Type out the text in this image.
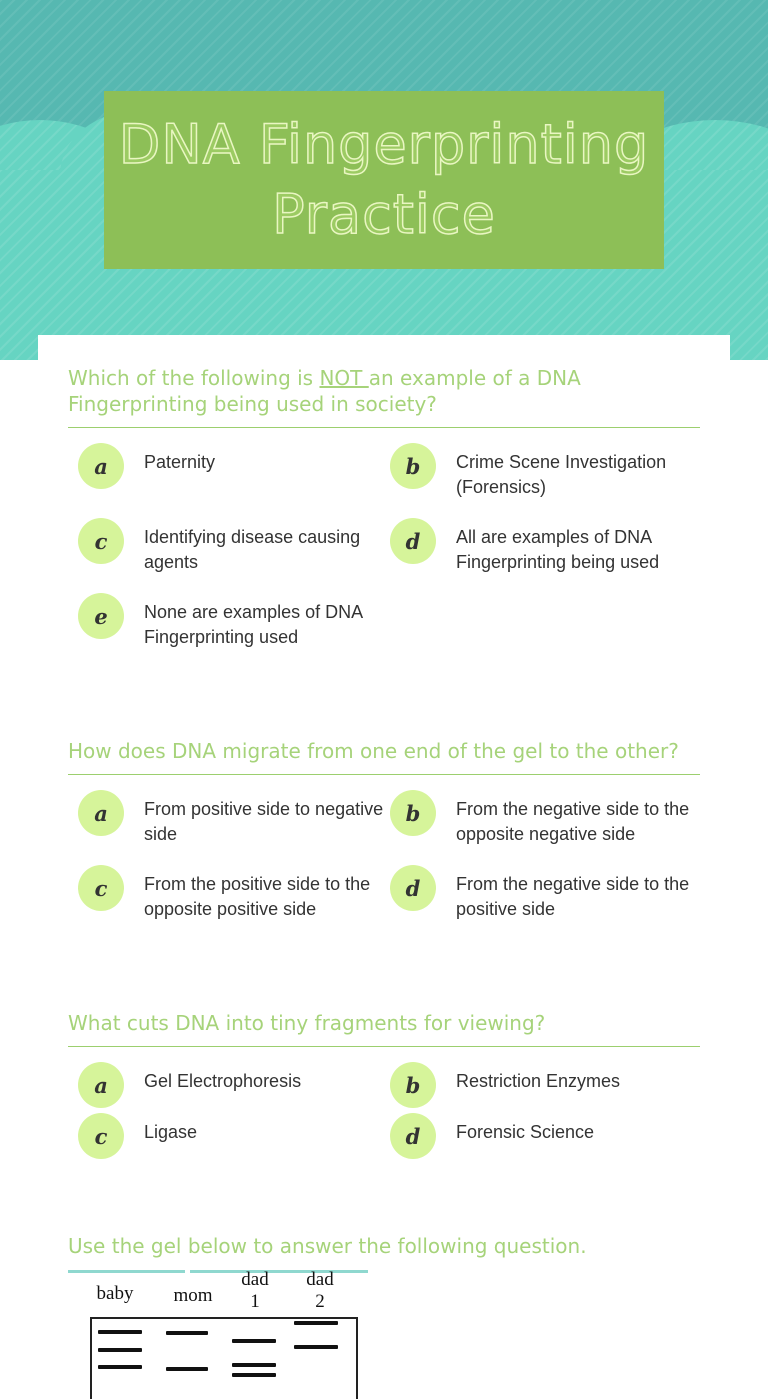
DNA Fingerprinting Practice
Which of the following is NOT an example of a DNA Fingerprinting being used in society?
a	Paternity	b	Crime Scene Investigation (Forensics)
c	Identifying disease causing agents
d	All are examples of DNA Fingerprinting being used
e	None are examples of DNA Fingerprinting used
How does DNA migrate from one end of the gel to the other?
a	From positive side to negative side
b	From the negative side to the opposite negative side
c	From the positive side to the opposite positive side
d	From the negative side to the positive side
What cuts DNA into tiny fragments for viewing?
a	Gel Electrophoresis	b	Restriction Enzymes
c	Ligase	d	Forensic Science
Use the gel below to answer the following question.
baby	mom
dad 1
dad 2
